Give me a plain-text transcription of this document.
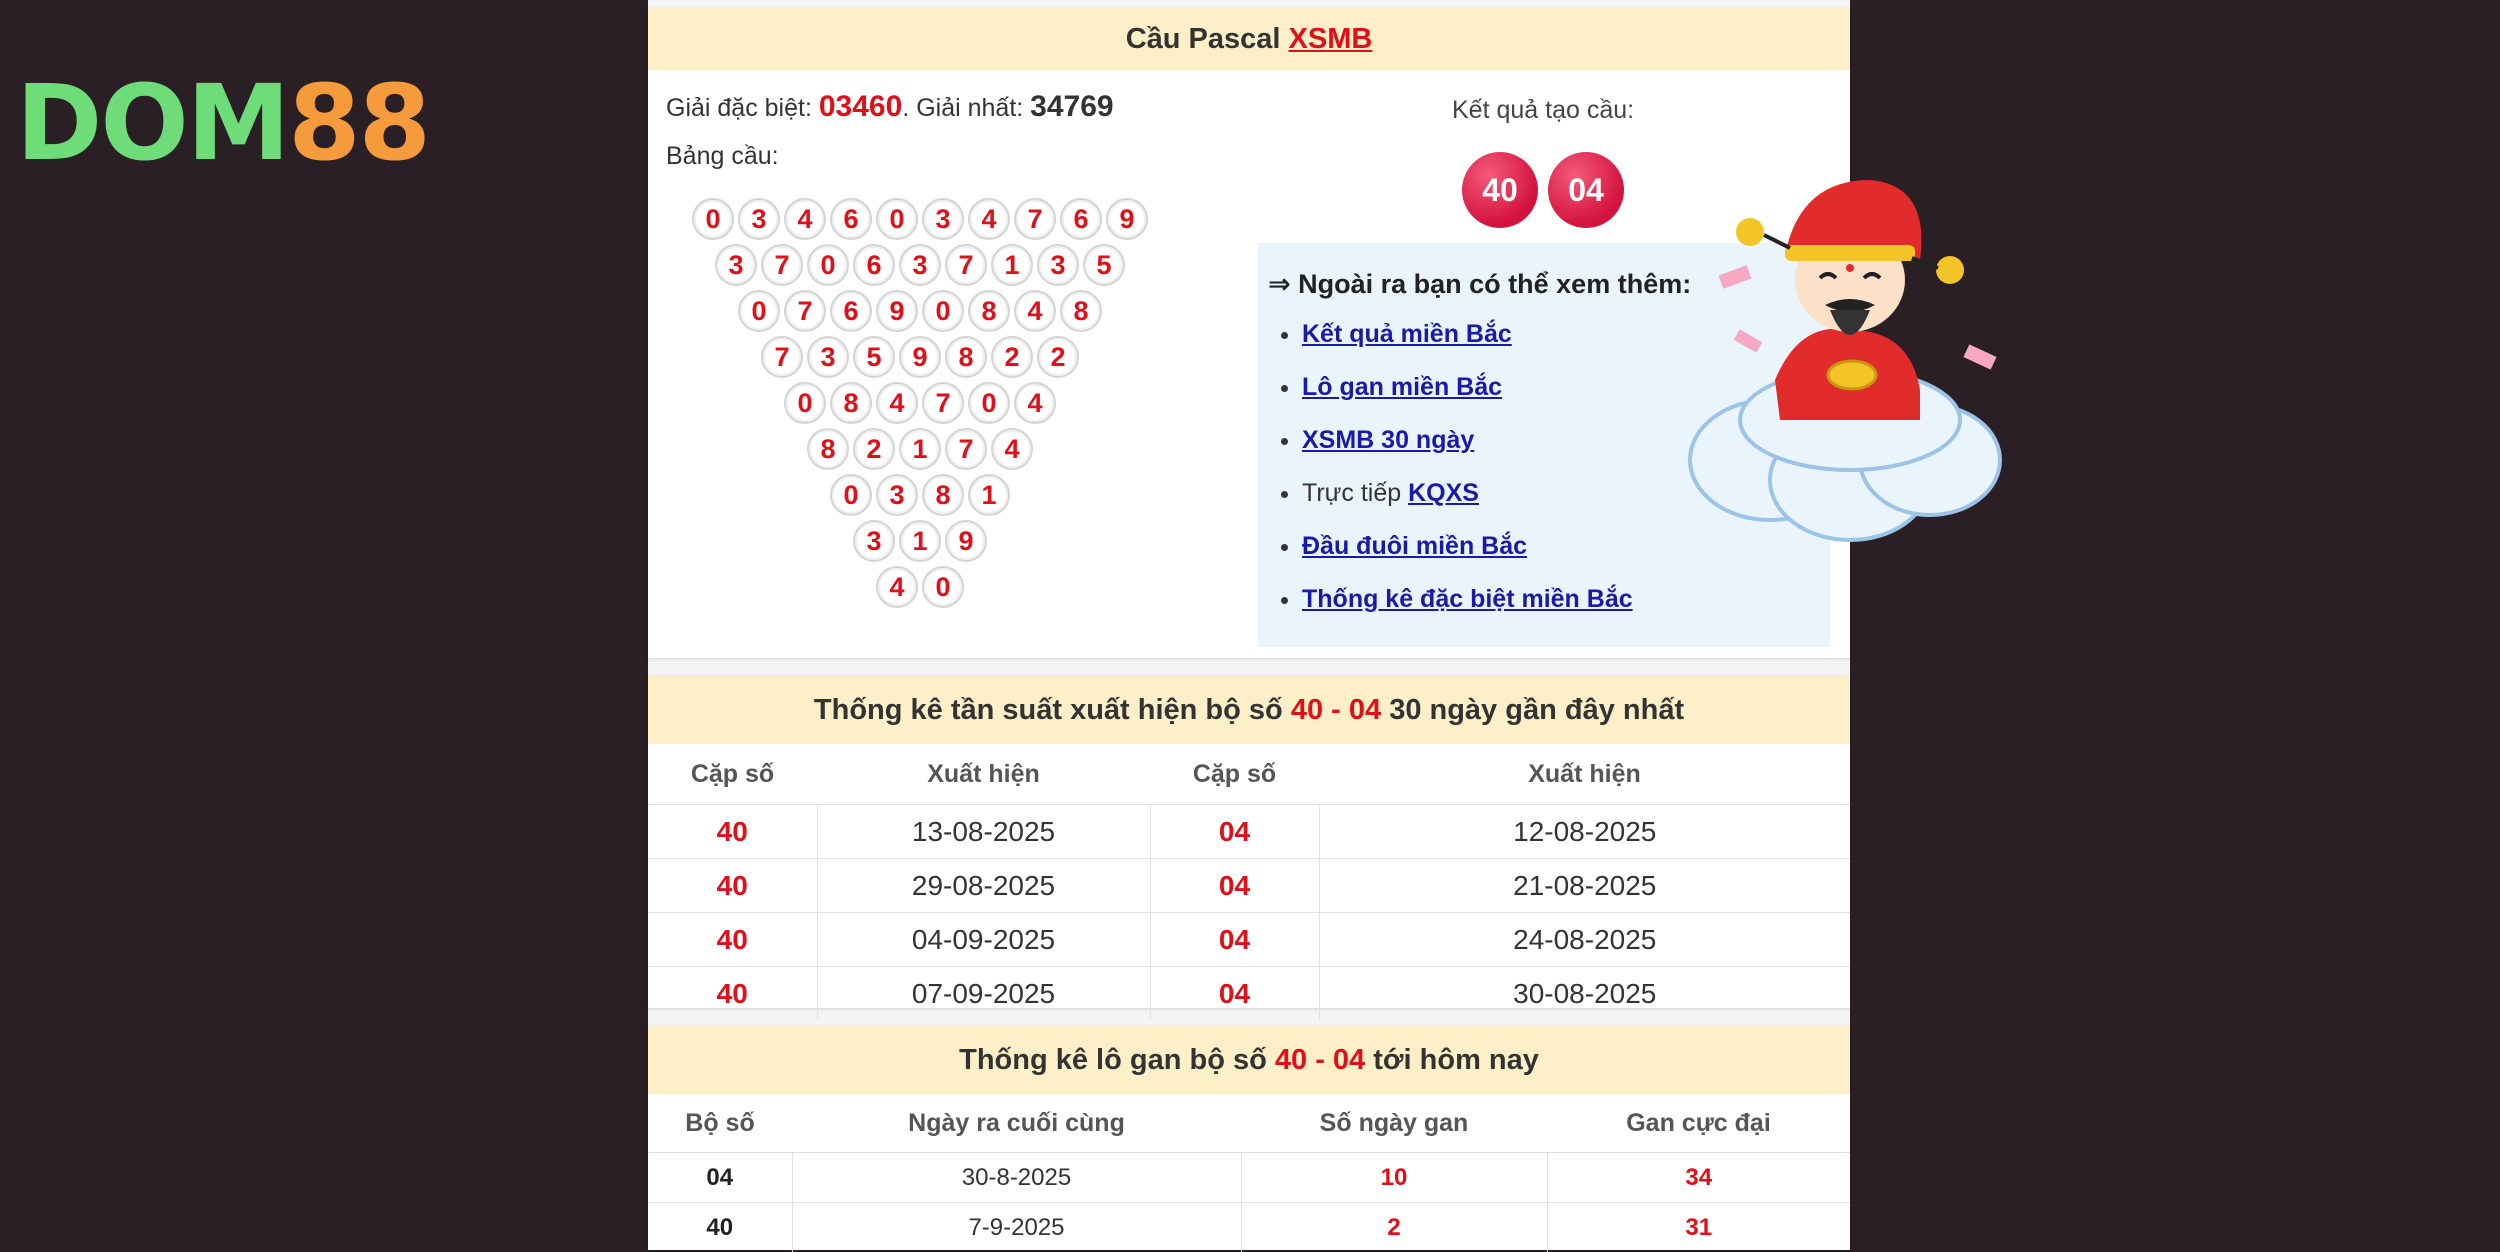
DOM 88
Cầu Pascal XSMB
Giải đặc biệt: 03460. Giải nhất: 34769
Bảng cầu:
0	3	4	6	0	3	4	7	6	9
3	7	0	6	3	7	1	3	5
0	7	6	9	0	8	4	8
7	3	5	9	8	2	2
0	8	4	7	0	4
8	2	1	7	4
0	3	8	1
3	1	9
4	0
Kết quả tạo cầu:
40	04
⇒ Ngoài ra bạn có thể xem thêm:
• Kết quả miền Bắc
• Lô gan miền Bắc
• XSMB 30 ngày
• Trực tiếp KQXS
• Đầu đuôi miền Bắc
• Thống kê đặc biệt miền Bắc
Thống kê tần suất xuất hiện bộ số 40 - 04 30 ngày gần đây nhất
Cặp số	Xuất hiện	Cặp số	Xuất hiện
40	13-08-2025	04	12-08-2025
40	29-08-2025	04	21-08-2025
40	04-09-2025	04	24-08-2025
40	07-09-2025	04	30-08-2025
Thống kê lô gan bộ số 40 - 04 tới hôm nay
Bộ số	Ngày ra cuối cùng	Số ngày gan	Gan cực đại
04	30-8-2025	10	34
40	7-9-2025	2	31
